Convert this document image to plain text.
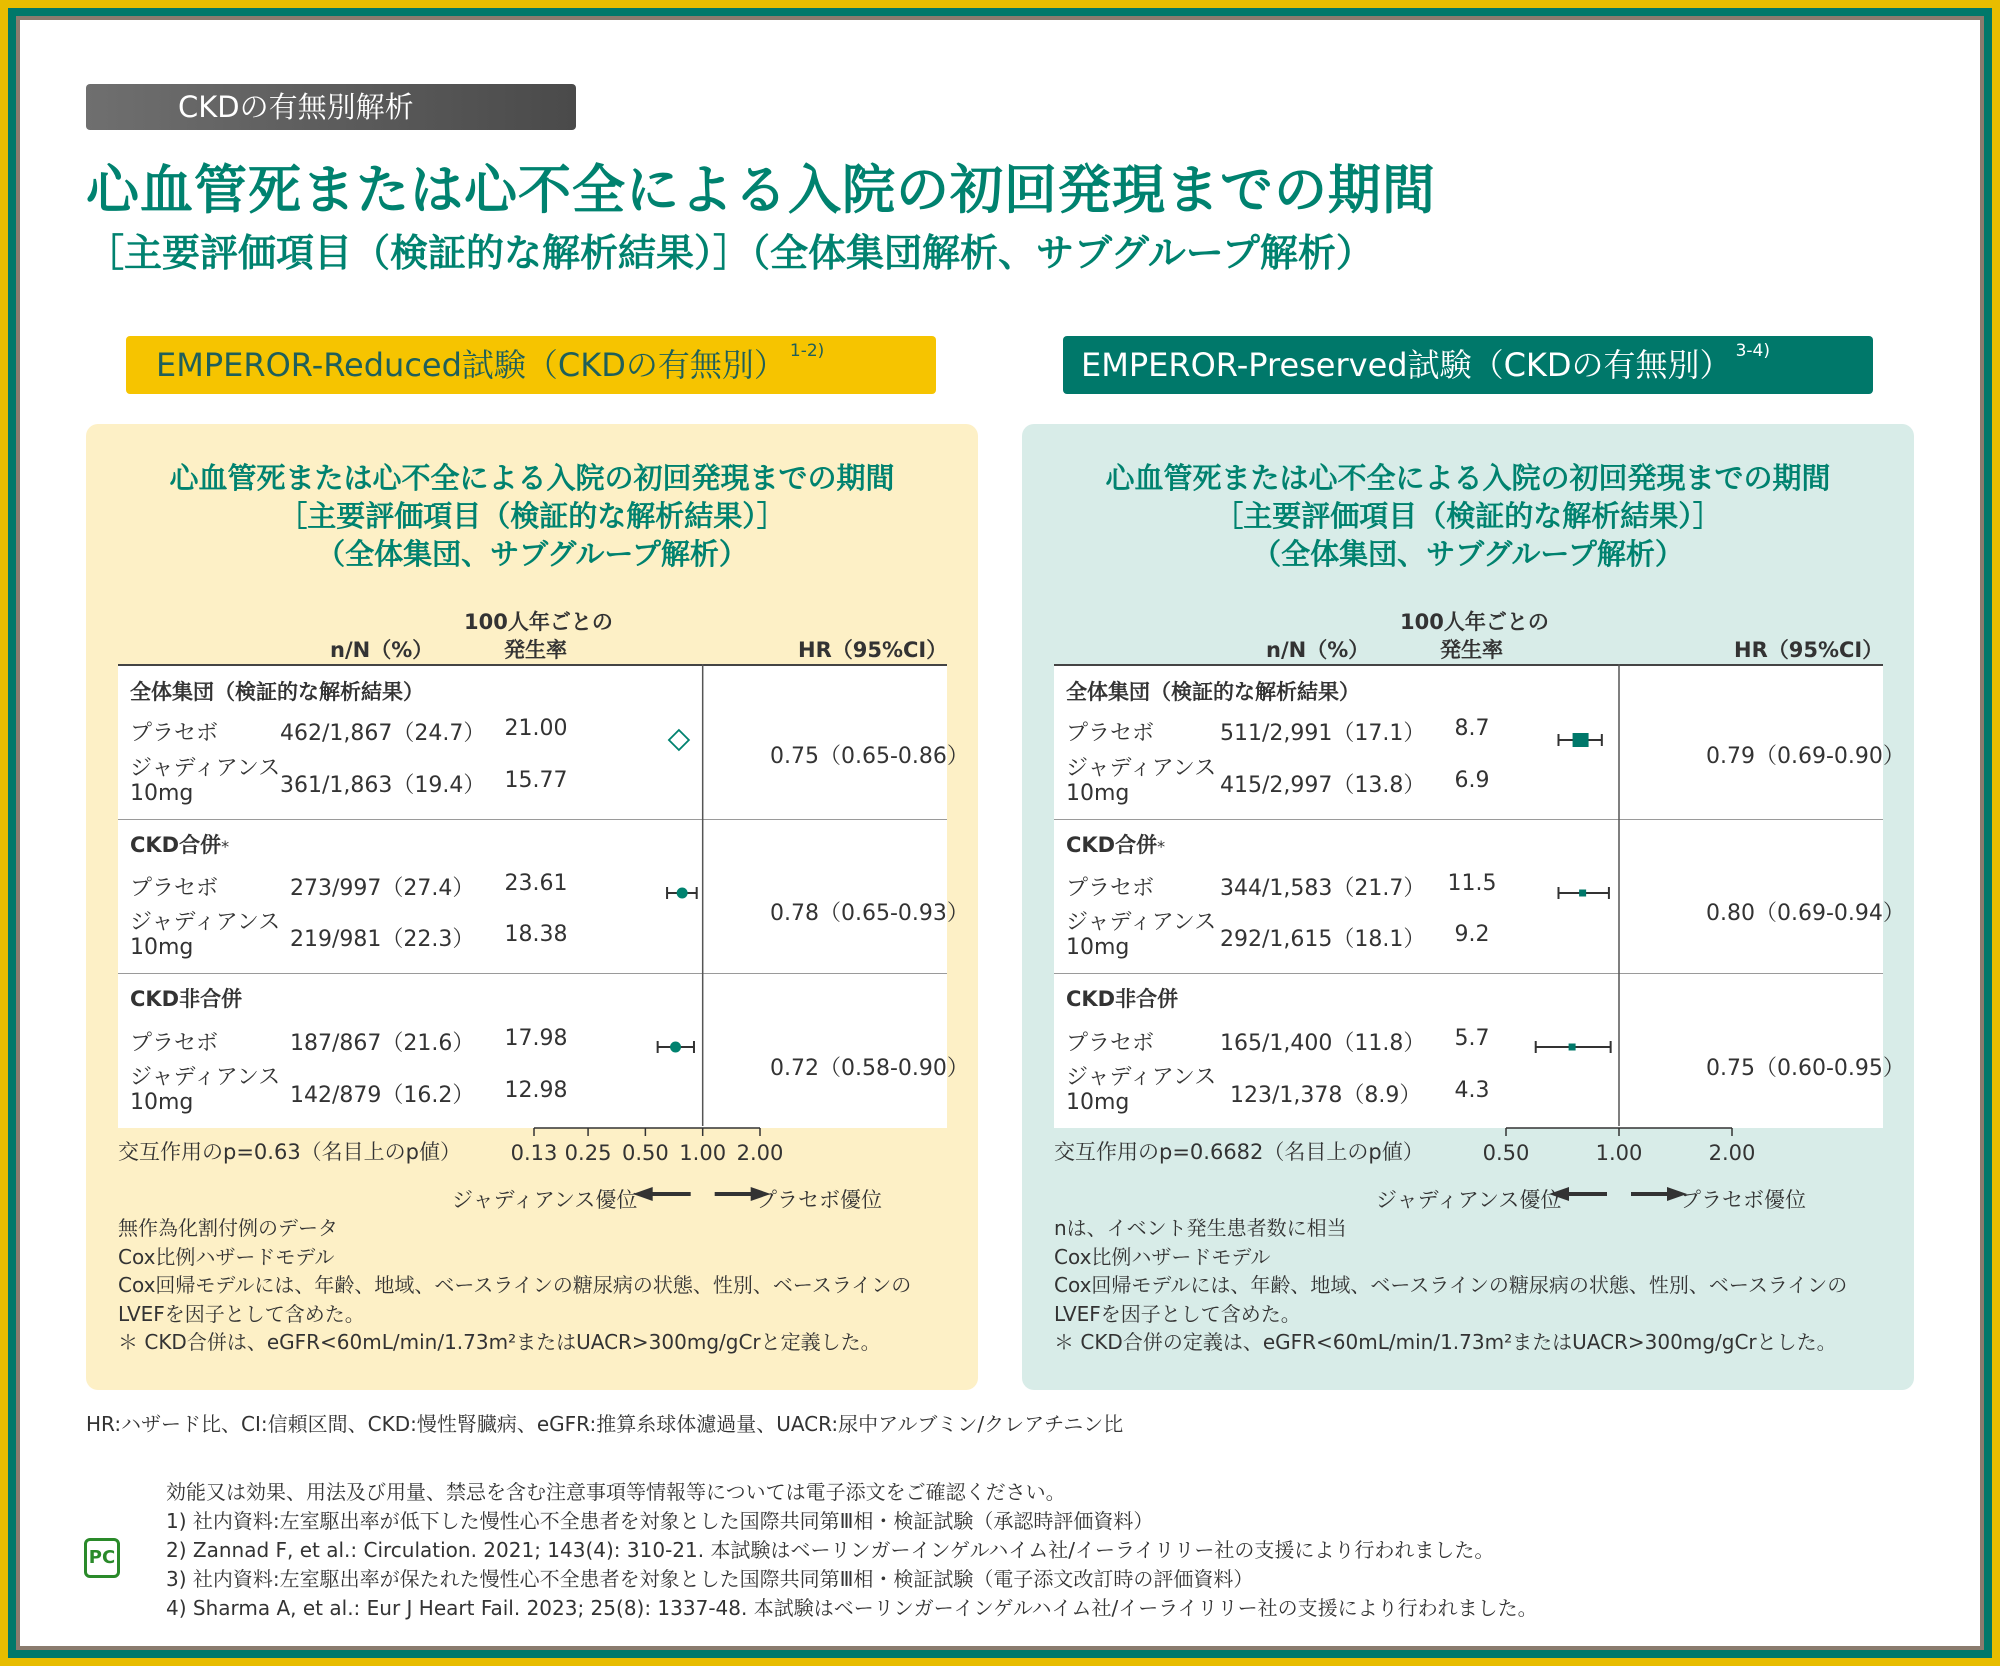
CKDの有無別解析
心血管死または心不全による入院の初回発現までの期間
［主要評価項目（検証的な解析結果）］（全体集団解析、サブグループ解析）
EMPEROR-Reduced試験（CKDの有無別） $^{1-2)}$	EMPEROR-Preserved試験（CKDの有無別） $^{3-4)}$
心血管死または心不全による入院の初回発現までの期間
［主要評価項目（検証的な解析結果）］
（全体集団、サブグループ解析）
n/N（%）
100人年ごとの
発生率	HR（95%CI）
全体集団（検証的な解析結果）
プラセボ	462/1,867（24.7） 21.00
ジャディアンス
10mg	361/1,863（19.4） 15.77
0.75（0.65-0.86）
CKD合併*
プラセボ	273/997（27.4）	23.61
ジャディアンス
10mg	219/981（22.3）	18.38
0.78（0.65-0.93）
CKD非合併
プラセボ	187/867（21.6）	17.98
ジャディアンス
10mg	142/879（16.2）	12.98
0.72（0.58-0.90）
0.13 0.25 0.50 1.00 2.00
交互作用のp=0.63（名目上のp値）
ジャディアンス優位	プラセボ優位
無作為化割付例のデータ
Cox比例ハザードモデル
Cox回帰モデルには、年齢、地域、ベースラインの糖尿病の状態、性別、ベースラインの
LVEFを因子として含めた。
＊ CKD合併は、eGFR<60mL/min/1.73m²またはUACR>300mg/gCrと定義した。
心血管死または心不全による入院の初回発現までの期間
［主要評価項目（検証的な解析結果）］
（全体集団、サブグループ解析）
n/N（%）
100人年ごとの
発生率	HR（95%CI）
全体集団（検証的な解析結果）
プラセボ	511/2,991（17.1）	8.7
ジャディアンス
10mg	415/2,997（13.8）	6.9
0.79（0.69-0.90）
CKD合併*
プラセボ	344/1,583（21.7）	11.5
ジャディアンス
10mg	292/1,615（18.1）	9.2
0.80（0.69-0.94）
CKD非合併
プラセボ	165/1,400（11.8）	5.7
ジャディアンス
10mg	123/1,378（8.9）	4.3
0.75（0.60-0.95）
0.50	1.00	2.00
交互作用のp=0.6682（名目上のp値）
ジャディアンス優位	プラセボ優位
nは、イベント発生患者数に相当
Cox比例ハザードモデル
Cox回帰モデルには、年齢、地域、ベースラインの糖尿病の状態、性別、ベースラインの
LVEFを因子として含めた。
＊ CKD合併の定義は、eGFR<60mL/min/1.73m²またはUACR>300mg/gCrとした。
HR:ハザード比、CI:信頼区間、CKD:慢性腎臓病、eGFR:推算糸球体濾過量、UACR:尿中アルブミン/クレアチニン比
効能又は効果、用法及び用量、禁忌を含む注意事項等情報等については電子添文をご確認ください。
1) 社内資料:左室駆出率が低下した慢性心不全患者を対象とした国際共同第Ⅲ相・検証試験（承認時評価資料）
2) Zannad F, et al.: Circulation. 2021; 143(4): 310-21. 本試験はベーリンガーインゲルハイム社/イーライリリー社の支援により行われました。
3) 社内資料:左室駆出率が保たれた慢性心不全患者を対象とした国際共同第Ⅲ相・検証試験（電子添文改訂時の評価資料）
4) Sharma A, et al.: Eur J Heart Fail. 2023; 25(8): 1337-48. 本試験はベーリンガーインゲルハイム社/イーライリリー社の支援により行われました。
PC
